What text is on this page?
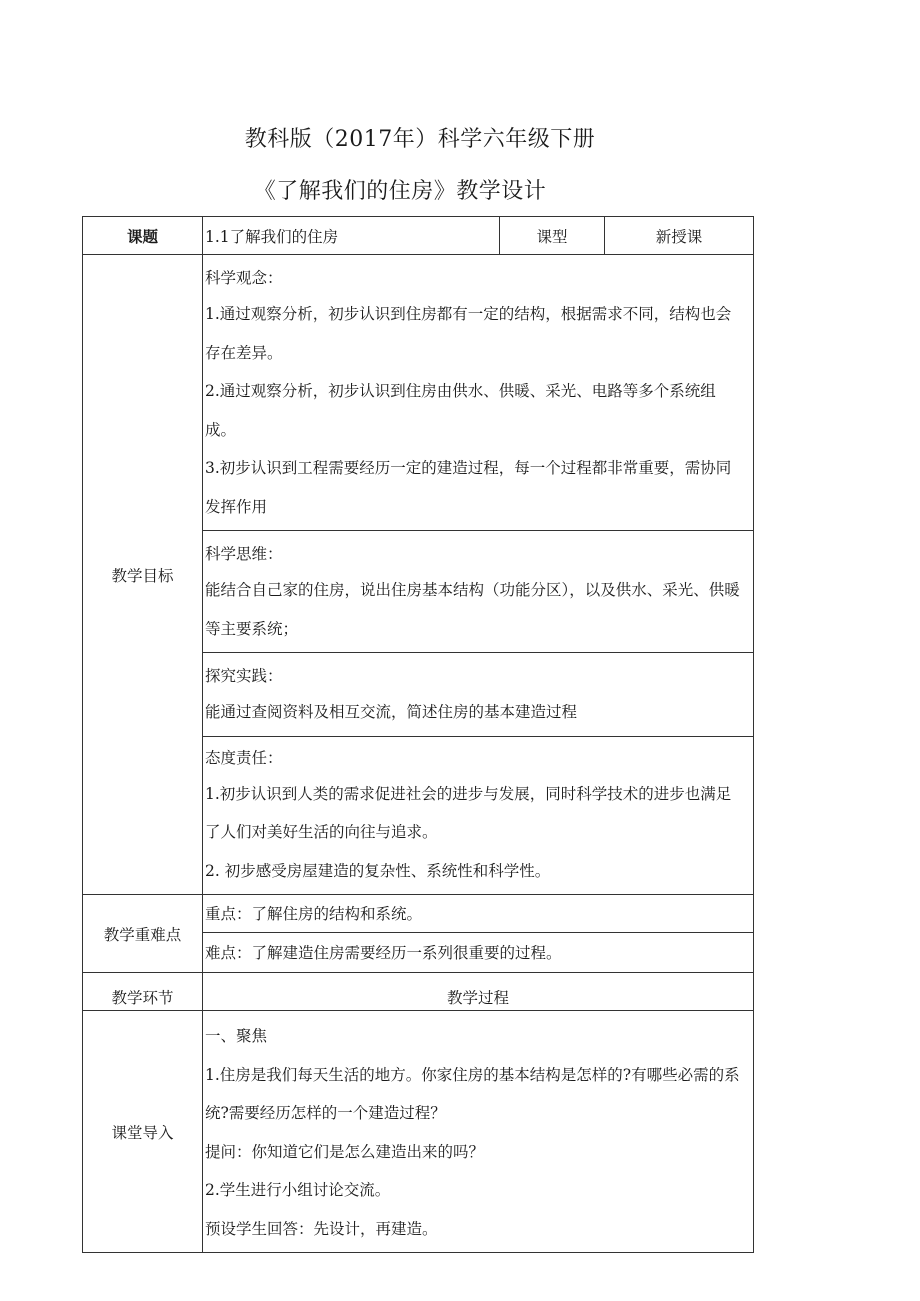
教科版（2017年）科学六年级下册
《了解我们的住房》教学设计
课题	1.1了解我们的住房	课型	新授课
教学目标	科学观念：

1.通过观察分析，初步认识到住房都有一定的结构，根据需求不同，结构也会存在差异。

2.通过观察分析，初步认识到住房由供水、供暖、采光、电路等多个系统组成。

3.初步认识到工程需要经历一定的建造过程，每一个过程都非常重要，需协同发挥作用		

	科学思维：

能结合自己家的住房，说出住房基本结构（功能分区），以及供水、采光、供暖等主要系统；		

	探究实践：

能通过查阅资料及相互交流，简述住房的基本建造过程		

	态度责任：

1.初步认识到人类的需求促进社会的进步与发展，同时科学技术的进步也满足了人们对美好生活的向往与追求。

2. 初步感受房屋建造的复杂性、系统性和科学性。		

教学重难点	重点：了解住房的结构和系统。		

	难点：了解建造住房需要经历一系列很重要的过程。		

教学环节	教学过程		
课堂导入	一、聚焦

1.住房是我们每天生活的地方。你家住房的基本结构是怎样的?有哪些必需的系统?需要经历怎样的一个建造过程？

提问：你知道它们是怎么建造出来的吗？

2.学生进行小组讨论交流。

预设学生回答：先设计，再建造。		
